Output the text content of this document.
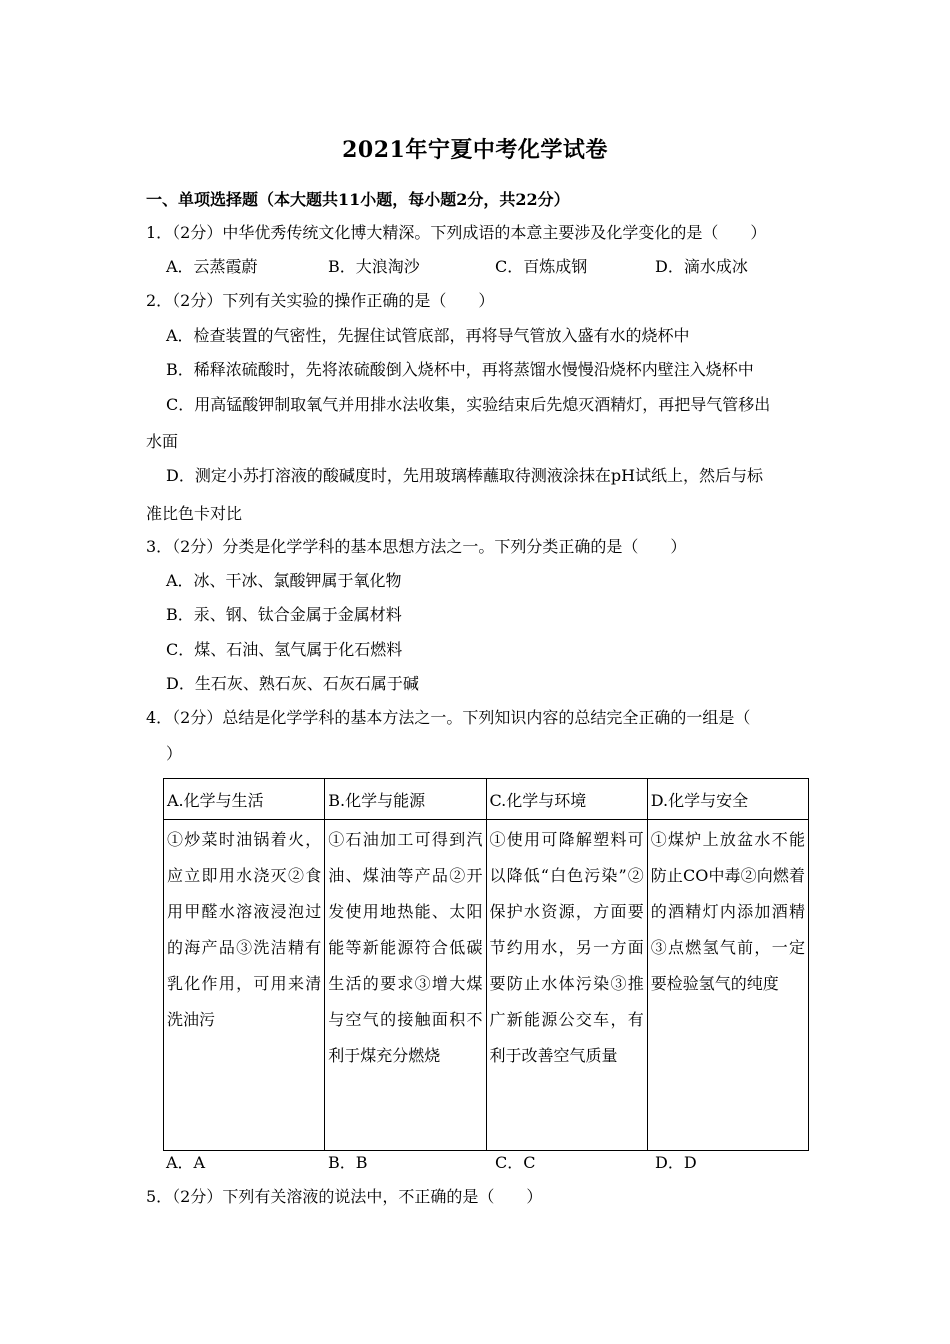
2021年宁夏中考化学试卷
一、单项选择题（本大题共11小题，每小题2分，共22分）
1．（2分）中华优秀传统文化博大精深。下列成语的本意主要涉及化学变化的是（　　）
A．云蒸霞蔚	B．大浪淘沙	C．百炼成钢	D．滴水成冰
2．（2分）下列有关实验的操作正确的是（　　）
A．检查装置的气密性，先握住试管底部，再将导气管放入盛有水的烧杯中
B．稀释浓硫酸时，先将浓硫酸倒入烧杯中，再将蒸馏水慢慢沿烧杯内壁注入烧杯中
C．用高锰酸钾制取氧气并用排水法收集，实验结束后先熄灭酒精灯，再把导气管移出
水面
D．测定小苏打溶液的酸碱度时，先用玻璃棒蘸取待测液涂抹在pH试纸上，然后与标
准比色卡对比
3．（2分）分类是化学学科的基本思想方法之一。下列分类正确的是（　　）
A．冰、干冰、氯酸钾属于氧化物
B．汞、钢、钛合金属于金属材料
C．煤、石油、氢气属于化石燃料
D．生石灰、熟石灰、石灰石属于碱
4．（2分）总结是化学学科的基本方法之一。下列知识内容的总结完全正确的一组是（
）
A.化学与生活	B.化学与能源	C.化学与环境	D.化学与安全

①炒菜时油锅着火，应立即用水浇灭②食用甲醛水溶液浸泡过的海产品③洗洁精有乳化作用，可用来清洗油污	①石油加工可得到汽油、煤油等产品②开发使用地热能、太阳能等新能源符合低碳生活的要求③增大煤与空气的接触面积不利于煤充分燃烧	①使用可降解塑料可以降低“白色污染”②保护水资源，方面要节约用水，另一方面要防止水体污染③推广新能源公交车，有利于改善空气质量	①煤炉上放盆水不能防止CO中毒②向燃着的酒精灯内添加酒精③点燃氢气前，一定要检验氢气的纯度
A．A	B．B	C．C	D．D
5．（2分）下列有关溶液的说法中，不正确的是（　　）
